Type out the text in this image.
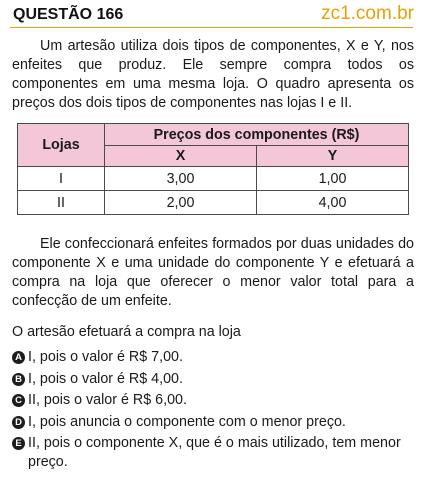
QUESTÃO 166	zc1.com.br

Um artesão utiliza dois tipos de componentes, X e Y, nos enfeites que produz. Ele sempre compra todos os componentes em uma mesma loja. O quadro apresenta os preços dos dois tipos de componentes nas lojas I e II.

Lojas	Preços dos componentes (R$)	
	X	Y
I	3,00	1,00
II	2,00	4,00

Ele confeccionará enfeites formados por duas unidades do componente X e uma unidade do componente Y e efetuará a compra na loja que oferecer o menor valor total para a confecção de um enfeite.

O artesão efetuará a compra na loja

A I, pois o valor é R$ 7,00.
B I, pois o valor é R$ 4,00.
C II, pois o valor é R$ 6,00.
D I, pois anuncia o componente com o menor preço.
E II, pois o componente X, que é o mais utilizado, tem menor preço.
